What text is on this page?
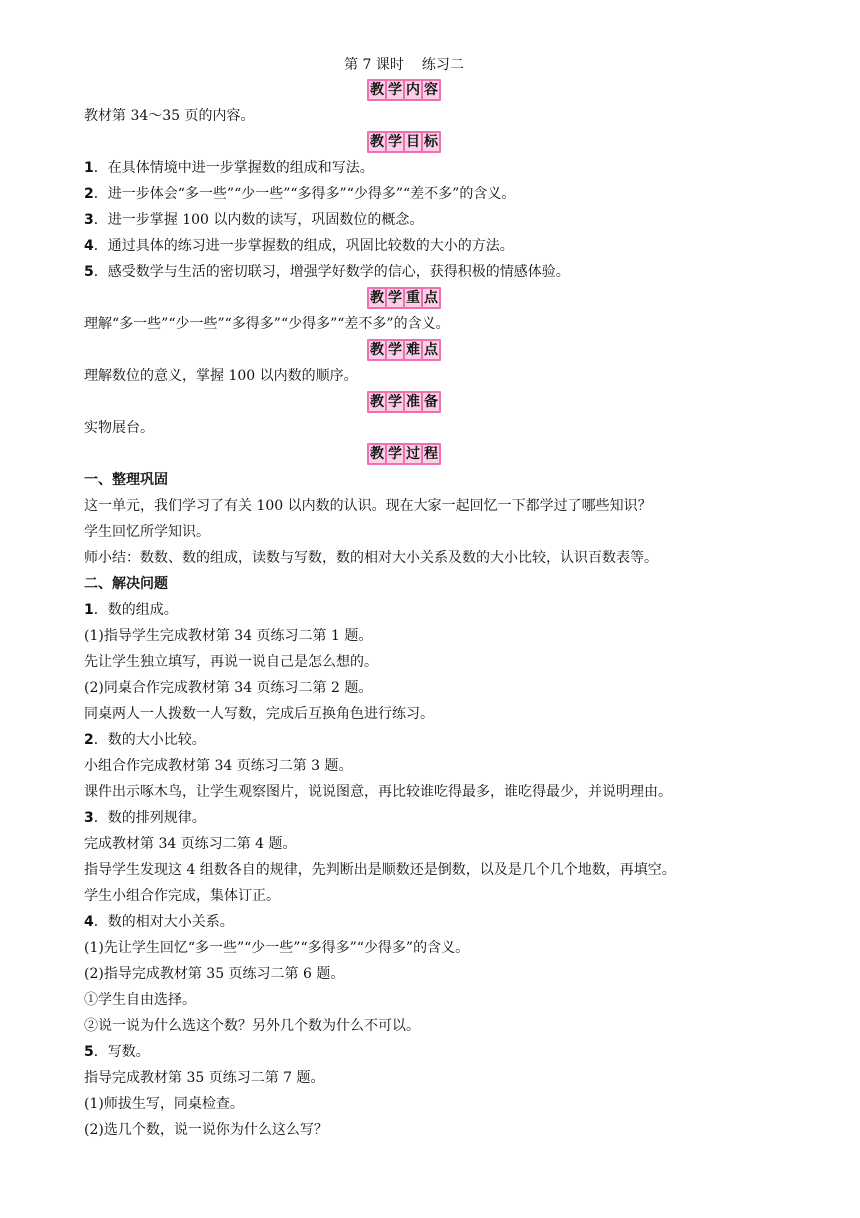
第 7 课时 练习二
教 学 内 容
教材第 34～35 页的内容。
教 学 目 标
1．在具体情境中进一步掌握数的组成和写法。
2．进一步体会“多一些”“少一些”“多得多”“少得多”“差不多”的含义。
3．进一步掌握 100 以内数的读写，巩固数位的概念。
4．通过具体的练习进一步掌握数的组成，巩固比较数的大小的方法。
5．感受数学与生活的密切联习，增强学好数学的信心，获得积极的情感体验。
教 学 重 点
理解“多一些”“少一些”“多得多”“少得多”“差不多”的含义。
教 学 难 点
理解数位的意义，掌握 100 以内数的顺序。
教 学 准 备
实物展台。
教 学 过 程
一、整理巩固
这一单元，我们学习了有关 100 以内数的认识。现在大家一起回忆一下都学过了哪些知识？
学生回忆所学知识。
师小结：数数、数的组成，读数与写数，数的相对大小关系及数的大小比较，认识百数表等。
二、解决问题
1．数的组成。
(1)指导学生完成教材第 34 页练习二第 1 题。
先让学生独立填写，再说一说自己是怎么想的。
(2)同桌合作完成教材第 34 页练习二第 2 题。
同桌两人一人拨数一人写数，完成后互换角色进行练习。
2．数的大小比较。
小组合作完成教材第 34 页练习二第 3 题。
课件出示啄木鸟，让学生观察图片，说说图意，再比较谁吃得最多，谁吃得最少，并说明理由。
3．数的排列规律。
完成教材第 34 页练习二第 4 题。
指导学生发现这 4 组数各自的规律，先判断出是顺数还是倒数，以及是几个几个地数，再填空。
学生小组合作完成，集体订正。
4．数的相对大小关系。
(1)先让学生回忆“多一些”“少一些”“多得多”“少得多”的含义。
(2)指导完成教材第 35 页练习二第 6 题。
①学生自由选择。
②说一说为什么选这个数？另外几个数为什么不可以。
5．写数。
指导完成教材第 35 页练习二第 7 题。
(1)师拔生写，同桌检查。
(2)选几个数，说一说你为什么这么写？
